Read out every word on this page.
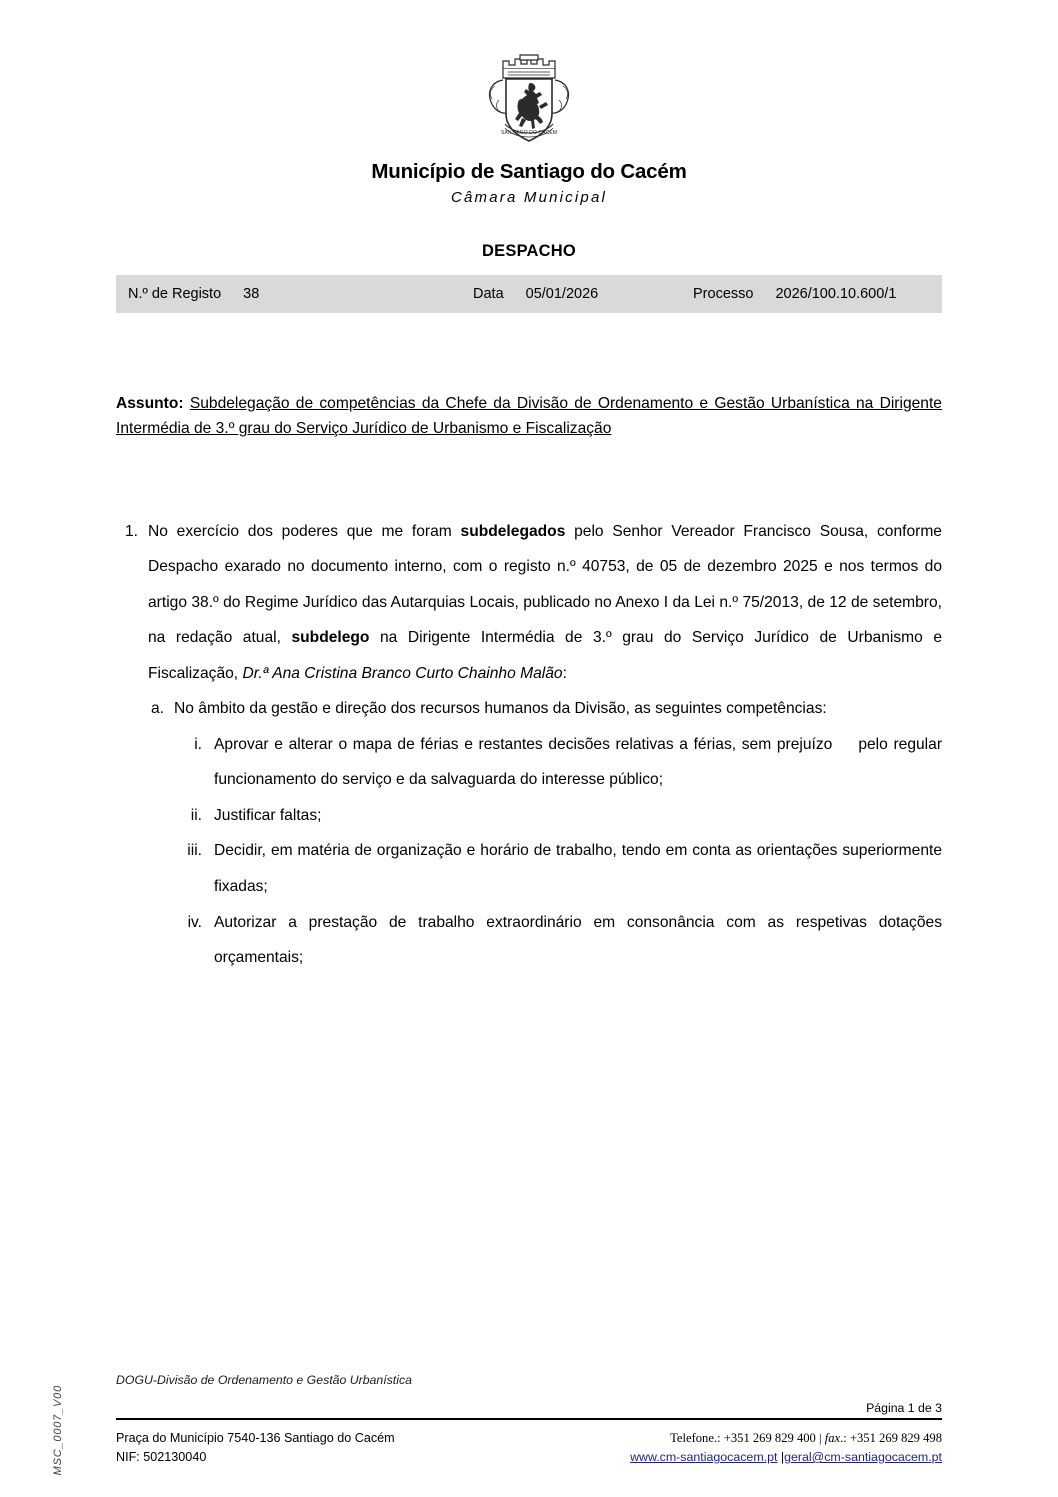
SANTIAGO DO CACÉM
Município de Santiago do Cacém
Câmara Municipal
DESPACHO
N.º de Registo	38	Data	05/01/2026	Processo	2026/100.10.600/1
Assunto: Subdelegação de competências da Chefe da Divisão de Ordenamento e Gestão Urbanística na Dirigente Intermédia de 3.º grau do Serviço Jurídico de Urbanismo e Fiscalização
1. No exercício dos poderes que me foram subdelegados pelo Senhor Vereador Francisco Sousa, conforme Despacho exarado no documento interno, com o registo n.º 40753, de 05 de dezembro 2025 e nos termos do artigo 38.º do Regime Jurídico das Autarquias Locais, publicado no Anexo I da Lei n.º 75/2013, de 12 de setembro, na redação atual, subdelego na Dirigente Intermédia de 3.º grau do Serviço Jurídico de Urbanismo e Fiscalização, Dr.ª Ana Cristina Branco Curto Chainho Malão:
a. No âmbito da gestão e direção dos recursos humanos da Divisão, as seguintes competências:
i. Aprovar e alterar o mapa de férias e restantes decisões relativas a férias, sem prejuízo pelo regular funcionamento do serviço e da salvaguarda do interesse público;
ii. Justificar faltas;
iii. Decidir, em matéria de organização e horário de trabalho, tendo em conta as orientações superiormente fixadas;
iv. Autorizar a prestação de trabalho extraordinário em consonância com as respetivas dotações orçamentais;
MSC_0007_V00
DOGU-Divisão de Ordenamento e Gestão Urbanística
Página 1 de 3
Praça do Município 7540-136 Santiago do Cacém
NIF: 502130040
Telefone.: +351 269 829 400 | fax.: +351 269 829 498
www.cm-santiagocacem.pt |geral@cm-santiagocacem.pt
